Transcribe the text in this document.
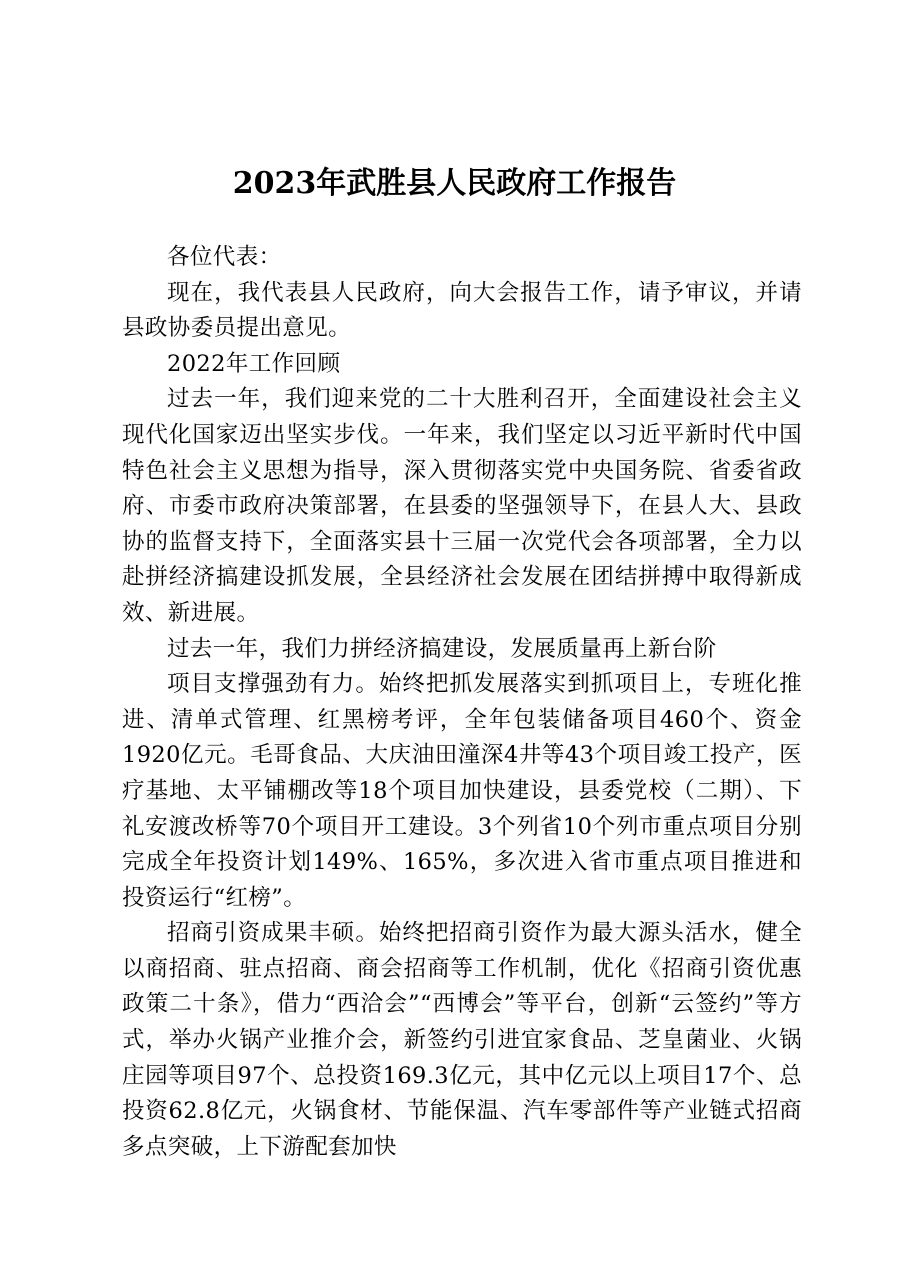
2023年武胜县人民政府工作报告

各位代表：

现在，我代表县人民政府，向大会报告工作，请予审议，并请县政协委员提出意见。

2022年工作回顾

过去一年，我们迎来党的二十大胜利召开，全面建设社会主义现代化国家迈出坚实步伐。一年来，我们坚定以习近平新时代中国特色社会主义思想为指导，深入贯彻落实党中央国务院、省委省政府、市委市政府决策部署，在县委的坚强领导下，在县人大、县政协的监督支持下，全面落实县十三届一次党代会各项部署，全力以赴拼经济搞建设抓发展，全县经济社会发展在团结拼搏中取得新成效、新进展。

过去一年，我们力拼经济搞建设，发展质量再上新台阶

项目支撑强劲有力。始终把抓发展落实到抓项目上，专班化推进、清单式管理、红黑榜考评，全年包装储备项目460个、资金1920亿元。毛哥食品、大庆油田潼深4井等43个项目竣工投产，医疗基地、太平铺棚改等18个项目加快建设，县委党校（二期）、下礼安渡改桥等70个项目开工建设。3个列省10个列市重点项目分别完成全年投资计划149%、165%，多次进入省市重点项目推进和投资运行“红榜”。

招商引资成果丰硕。始终把招商引资作为最大源头活水，健全以商招商、驻点招商、商会招商等工作机制，优化《招商引资优惠政策二十条》，借力“西洽会”“西博会”等平台，创新“云签约”等方式，举办火锅产业推介会，新签约引进宜家食品、芝皇菌业、火锅庄园等项目97个、总投资169.3亿元，其中亿元以上项目17个、总投资62.8亿元，火锅食材、节能保温、汽车零部件等产业链式招商多点突破，上下游配套加快
